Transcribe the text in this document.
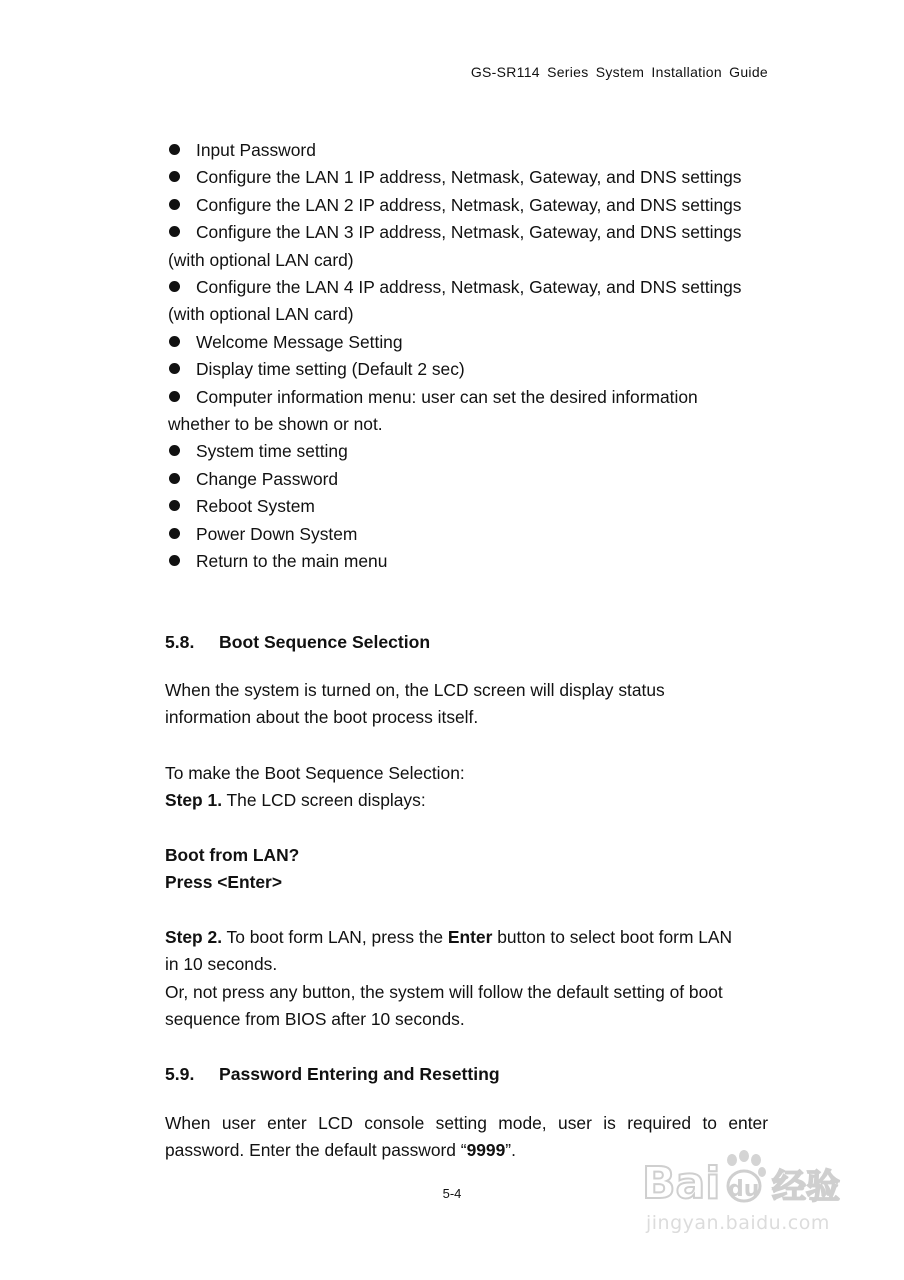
GS-SR114 Series System Installation Guide
Input Password
Configure the LAN 1 IP address, Netmask, Gateway, and DNS settings
Configure the LAN 2 IP address, Netmask, Gateway, and DNS settings
Configure the LAN 3 IP address, Netmask, Gateway, and DNS settings
(with optional LAN card)
Configure the LAN 4 IP address, Netmask, Gateway, and DNS settings
(with optional LAN card)
Welcome Message Setting
Display time setting (Default 2 sec)
Computer information menu: user can set the desired information
whether to be shown or not.
System time setting
Change Password
Reboot System
Power Down System
Return to the main menu
5.8. Boot Sequence Selection
When the system is turned on, the LCD screen will display status
information about the boot process itself.
To make the Boot Sequence Selection:
Step 1. The LCD screen displays:
Boot from LAN?
Press <Enter>
Step 2. To boot form LAN, press the Enter button to select boot form LAN
in 10 seconds.
Or, not press any button, the system will follow the default setting of boot
sequence from BIOS after 10 seconds.
5.9. Password Entering and Resetting
When user enter LCD console setting mode, user is required to enter
password. Enter the default password “9999”.
5-4	Bai du 经验
jingyan.baidu.com
